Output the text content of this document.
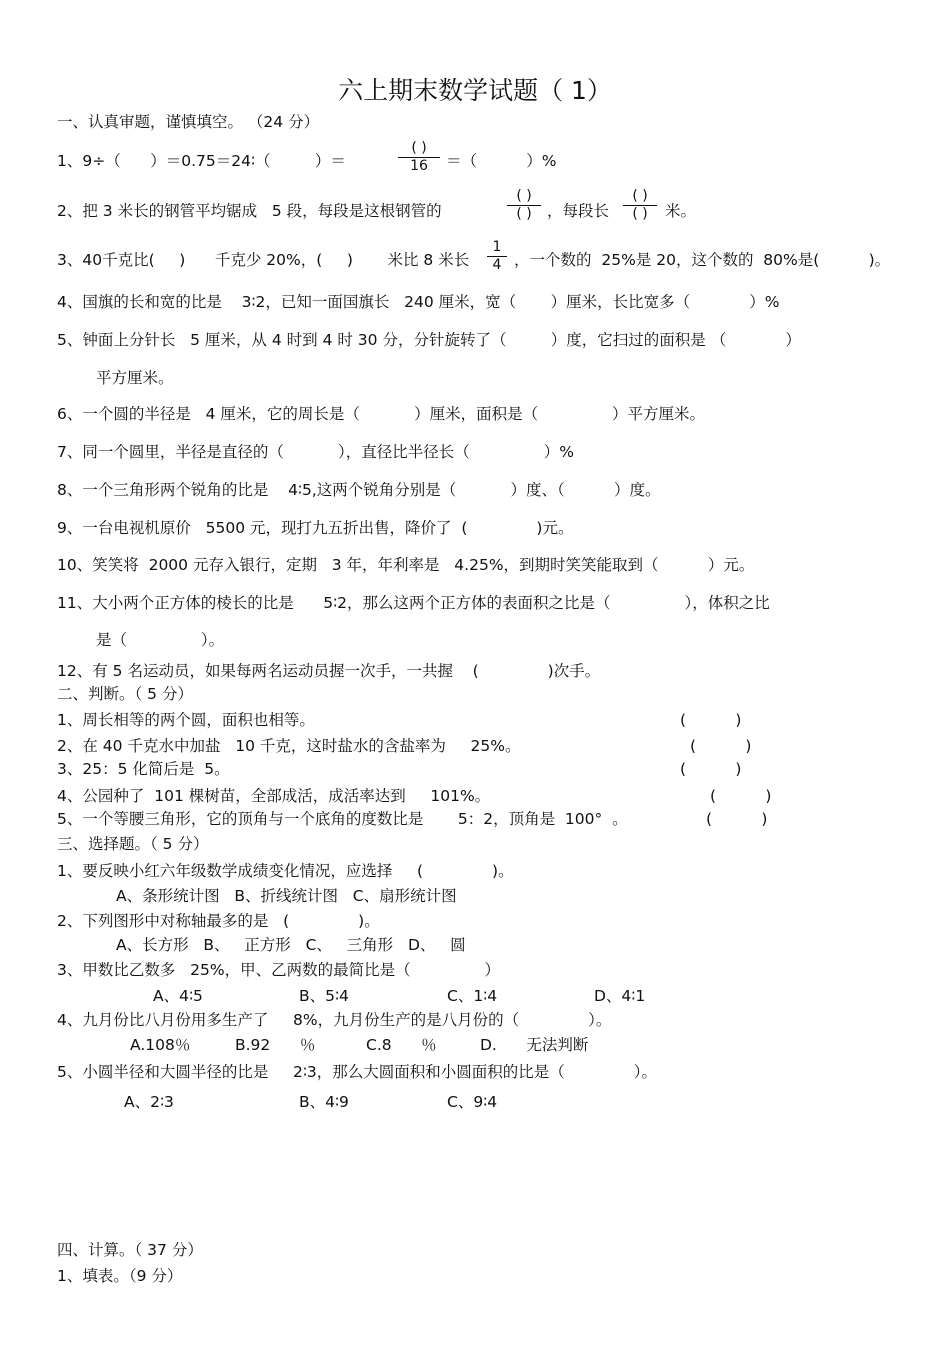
六上期末数学试题（ 1）
一、认真审题，谨慎填空。 （24 分）
1、9÷（      ）＝0.75＝24∶（         ）＝
( )
16	＝（          ）%
2、把 3 米长的钢管平均锯成   5 段，每段是这根钢管的
( )
( ) ，每段长
( )
( )	米。
3、40千克比(     )      千克少 20%，(     )       米比 8 米长 $\frac{1}{4}$ ，一个数的  25%是 20，这个数的  80%是(          )。
4、国旗的长和宽的比是    3∶2，已知一面国旗长   240 厘米，宽（       ）厘米，长比宽多（            ）%
5、钟面上分针长   5 厘米，从 4 时到 4 时 30 分，分针旋转了（         ）度，它扫过的面积是 （            ）
平方厘米。
6、一个圆的半径是   4 厘米，它的周长是（           ）厘米，面积是（               ）平方厘米。
7、同一个圆里，半径是直径的（           ），直径比半径长（               ）%
8、一个三角形两个锐角的比是    4∶5,这两个锐角分别是（           ）度、（          ）度。
9、一台电视机原价   5500 元，现打九五折出售，降价了  (              )元。
10、笑笑将  2000 元存入银行，定期   3 年，年利率是   4.25%，到期时笑笑能取到（          ）元。
11、大小两个正方体的棱长的比是      5∶2，那么这两个正方体的表面积之比是（               ），体积之比
是（               ）。
12、有 5 名运动员，如果每两名运动员握一次手，一共握    (              )次手。
二、判断。（ 5 分）
1、周长相等的两个圆，面积也相等。	(          )
2、在 40 千克水中加盐   10 千克，这时盐水的含盐率为     25%。	(          )
3、25：5 化简后是  5。	(          )
4、公园种了  101 棵树苗，全部成活，成活率达到     101%。	(          )
5、一个等腰三角形，它的顶角与一个底角的度数比是       5：2，顶角是  100°  。	(          )
三、选择题。（ 5 分）
1、要反映小红六年级数学成绩变化情况，应选择     (              )。
A、条形统计图   B、折线统计图   C、扇形统计图
2、下列图形中对称轴最多的是   (              )。
A、长方形   B、   正方形   C、   三角形   D、   圆
3、甲数比乙数多   25%，甲、乙两数的最简比是（               ）
A、4∶5	B、5∶4	C、1∶4	D、4∶1
4、九月份比八月份用多生产了     8%，九月份生产的是八月份的（              ）。
A.108％	B.92      ％	C.8      ％	D.      无法判断
5、小圆半径和大圆半径的比是     2∶3，那么大圆面积和小圆面积的比是（              ）。
A、2∶3	B、4∶9	C、9∶4
四、计算。（ 37 分）
1、填表。（9 分）
